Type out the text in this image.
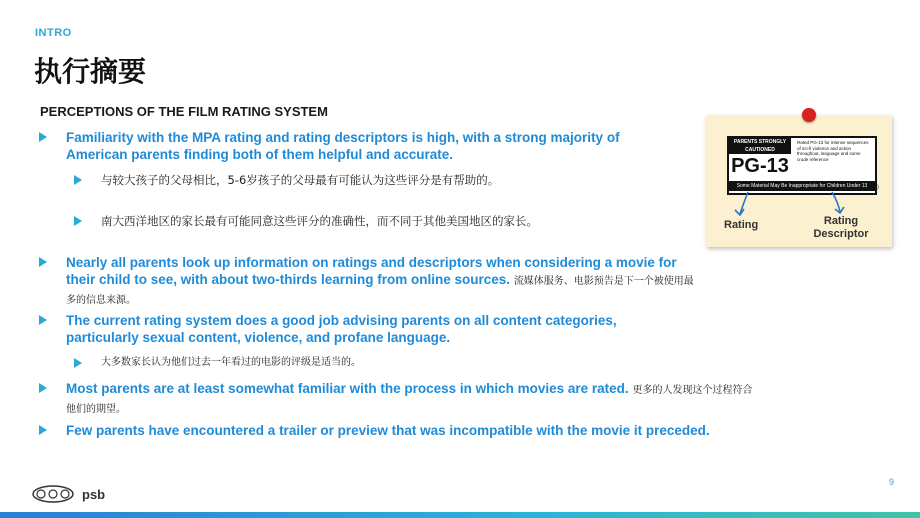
INTRO
执行摘要
PERCEPTIONS OF THE FILM RATING SYSTEM
Familiarity with the MPA rating and rating descriptors is high, with a strong majority of American parents finding both of them helpful and accurate.
与较大孩子的父母相比，5-6岁孩子的父母最有可能认为这些评分是有帮助的。
南大西洋地区的家长最有可能同意这些评分的准确性，而不同于其他美国地区的家长。
Nearly all parents look up information on ratings and descriptors when considering a movie for their child to see, with about two-thirds learning from online sources. 流媒体服务、电影预告是下一个被使用最多的信息来源。
The current rating system does a good job advising parents on all content categories, particularly sexual content, violence, and profane language.
大多数家长认为他们过去一年看过的电影的评级是适当的。
Most parents are at least somewhat familiar with the process in which movies are rated. 更多的人发现这个过程符合他们的期望。
Few parents have encountered a trailer or preview that was incompatible with the movie it preceded.
PARENTS STRONGLY CAUTIONED
PG-13
Rated PG-13 for intense sequences of sci-fi violence and action throughout, language and some crude reference
Some Material May Be Inappropriate for Children Under 13 ®
Rating	Rating Descriptor
psb
9
